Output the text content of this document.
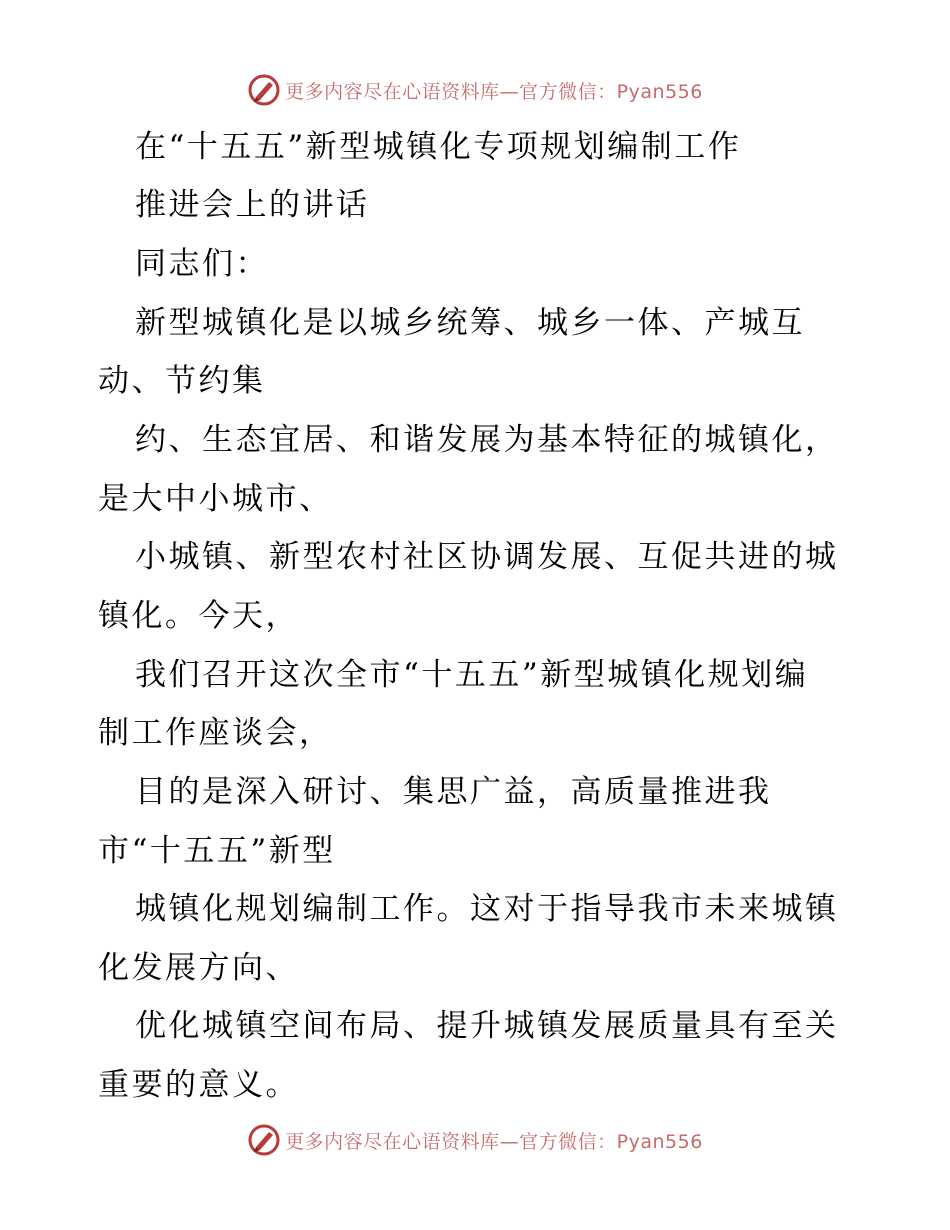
更多内容尽在心语资料库—官方微信：Pyan556
在“十五五”新型城镇化专项规划编制工作
推进会上的讲话
同志们：
新型城镇化是以城乡统筹、城乡一体、产城互
动、节约集
约、生态宜居、和谐发展为基本特征的城镇化，
是大中小城市、
小城镇、新型农村社区协调发展、互促共进的城
镇化。今天，
我们召开这次全市“十五五”新型城镇化规划编
制工作座谈会，
目的是深入研讨、集思广益，高质量推进我
市“十五五”新型
城镇化规划编制工作。这对于指导我市未来城镇
化发展方向、
优化城镇空间布局、提升城镇发展质量具有至关
重要的意义。
更多内容尽在心语资料库—官方微信：Pyan556
